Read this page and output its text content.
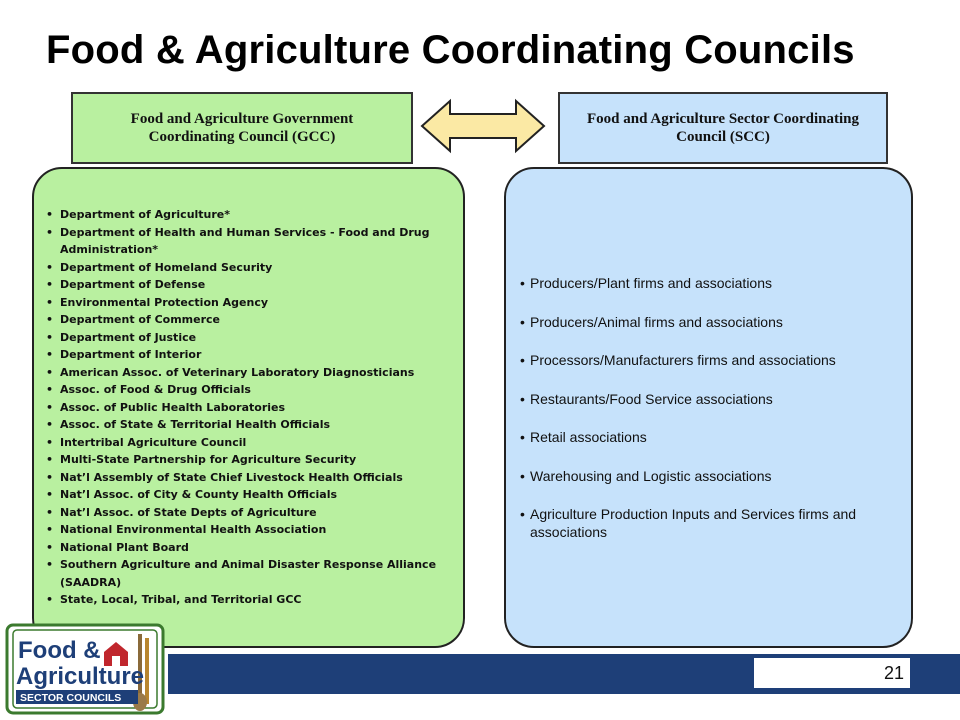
Food & Agriculture Coordinating Councils
Food and Agriculture Government Coordinating Council (GCC)
Food and Agriculture Sector Coordinating Council (SCC)
• Department of Agriculture*
• Department of Health and Human Services - Food and Drug Administration*
• Department of Homeland Security
• Department of Defense
• Environmental Protection Agency
• Department of Commerce
• Department of Justice
• Department of Interior
• American Assoc. of Veterinary Laboratory Diagnosticians
• Assoc. of Food & Drug Officials
• Assoc. of Public Health Laboratories
• Assoc. of State & Territorial Health Officials
• Intertribal Agriculture Council
• Multi-State Partnership for Agriculture Security
• Nat’l Assembly of State Chief Livestock Health Officials
• Nat’l Assoc. of City & County Health Officials
• Nat’l Assoc. of State Depts of Agriculture
• National Environmental Health Association
• National Plant Board
• Southern Agriculture and Animal Disaster Response Alliance (SAADRA)
• State, Local, Tribal, and Territorial GCC
• Producers/Plant firms and associations
• Producers/Animal firms and associations
• Processors/Manufacturers firms and associations
• Restaurants/Food Service associations
• Retail associations
• Warehousing and Logistic associations
• Agriculture Production Inputs and Services firms and associations
21
Food &
Agriculture
SECTOR COUNCILS
